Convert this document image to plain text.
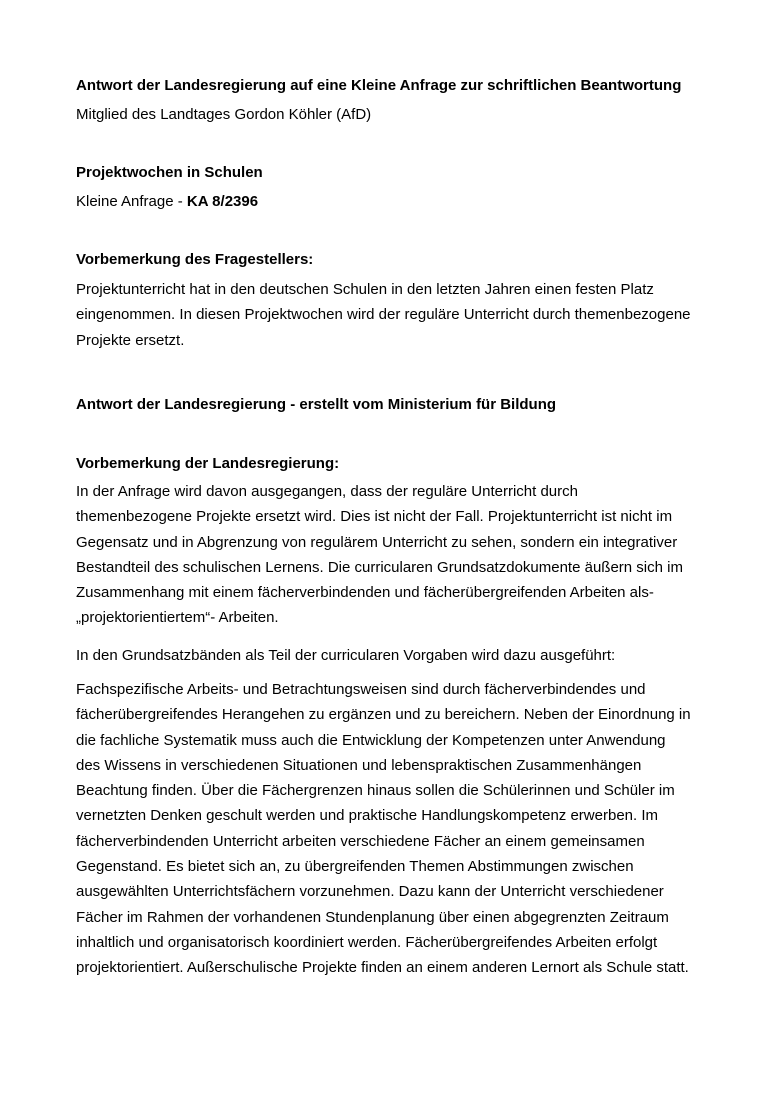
Antwort der Landesregierung auf eine Kleine Anfrage zur schriftlichen Beantwortung
Mitglied des Landtages Gordon Köhler (AfD)
Projektwochen in Schulen
Kleine Anfrage - KA 8/2396
Vorbemerkung des Fragestellers:
Projektunterricht hat in den deutschen Schulen in den letzten Jahren einen festen Platz
eingenommen. In diesen Projektwochen wird der reguläre Unterricht durch themenbezogene
Projekte ersetzt.
Antwort der Landesregierung - erstellt vom Ministerium für Bildung
Vorbemerkung der Landesregierung:
In der Anfrage wird davon ausgegangen, dass der reguläre Unterricht durch
themenbezogene Projekte ersetzt wird. Dies ist nicht der Fall. Projektunterricht ist nicht im
Gegensatz und in Abgrenzung von regulärem Unterricht zu sehen, sondern ein integrativer
Bestandteil des schulischen Lernens. Die curricularen Grundsatzdokumente äußern sich im
Zusammenhang mit einem fächerverbindenden und fächerübergreifenden Arbeiten als-
„projektorientiertem“- Arbeiten.
In den Grundsatzbänden als Teil der curricularen Vorgaben wird dazu ausgeführt:
Fachspezifische Arbeits- und Betrachtungsweisen sind durch fächerverbindendes und
fächerübergreifendes Herangehen zu ergänzen und zu bereichern. Neben der Einordnung in
die fachliche Systematik muss auch die Entwicklung der Kompetenzen unter Anwendung
des Wissens in verschiedenen Situationen und lebenspraktischen Zusammenhängen
Beachtung finden. Über die Fächergrenzen hinaus sollen die Schülerinnen und Schüler im
vernetzten Denken geschult werden und praktische Handlungskompetenz erwerben. Im
fächerverbindenden Unterricht arbeiten verschiedene Fächer an einem gemeinsamen
Gegenstand. Es bietet sich an, zu übergreifenden Themen Abstimmungen zwischen
ausgewählten Unterrichtsfächern vorzunehmen. Dazu kann der Unterricht verschiedener
Fächer im Rahmen der vorhandenen Stundenplanung über einen abgegrenzten Zeitraum
inhaltlich und organisatorisch koordiniert werden. Fächerübergreifendes Arbeiten erfolgt
projektorientiert. Außerschulische Projekte finden an einem anderen Lernort als Schule statt.
